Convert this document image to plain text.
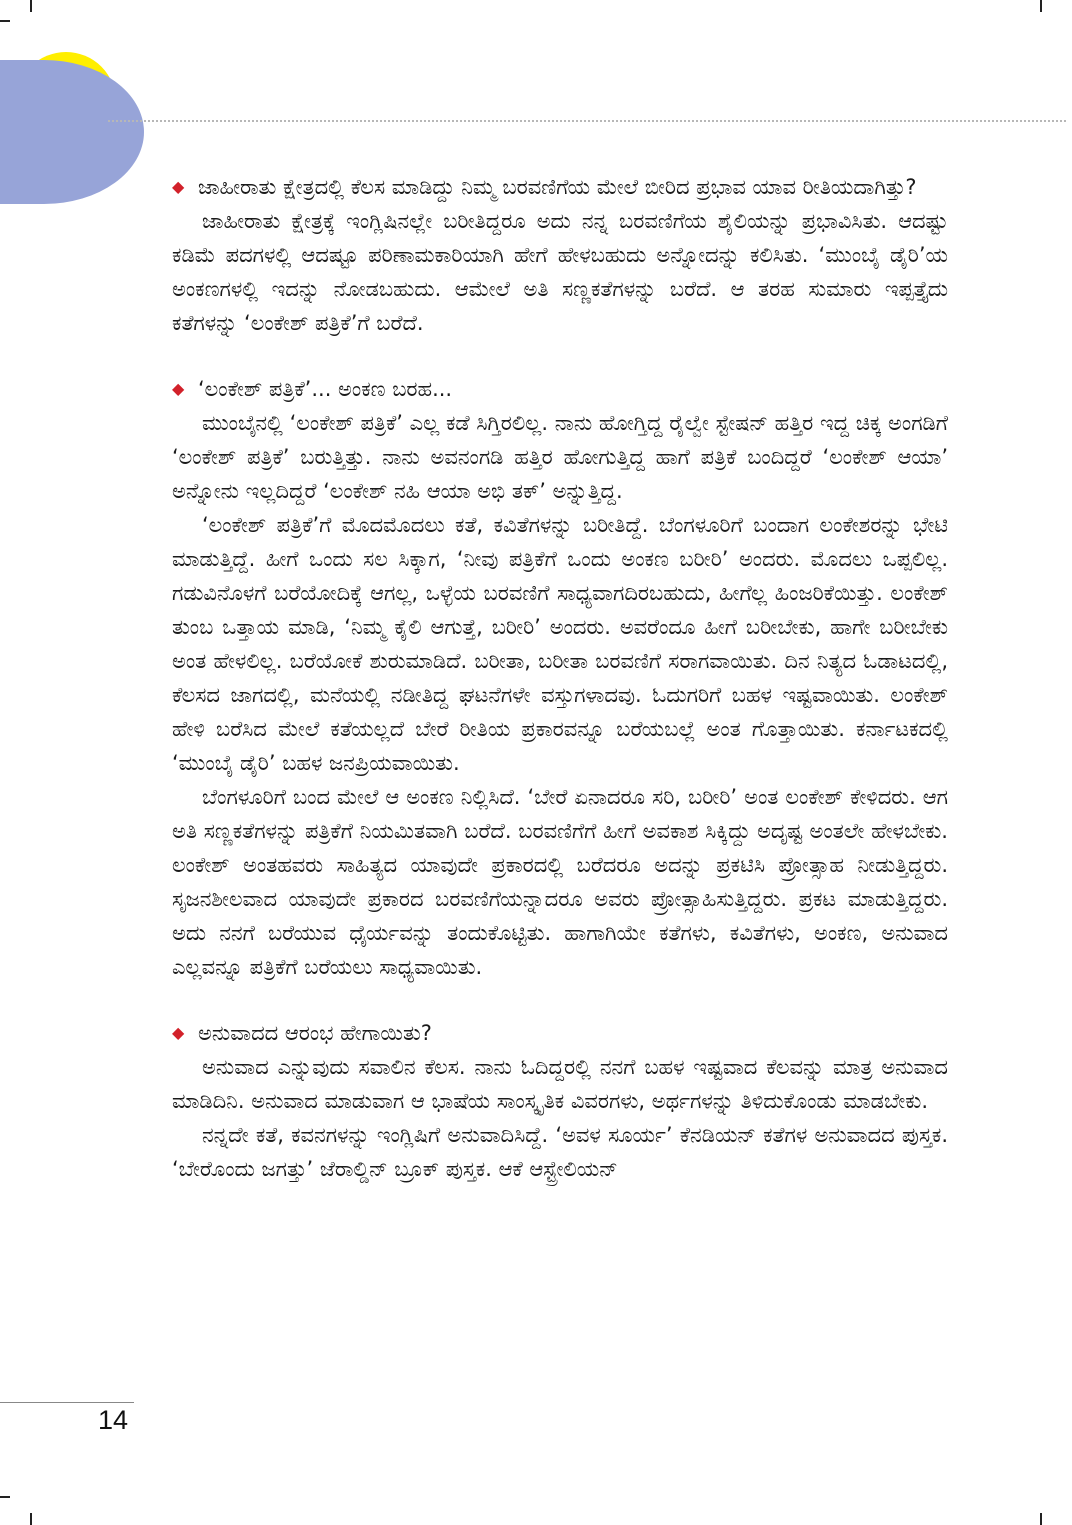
◆ ಜಾಹೀರಾತು ಕ್ಷೇತ್ರದಲ್ಲಿ ಕೆಲಸ ಮಾಡಿದ್ದು ನಿಮ್ಮ ಬರವಣಿಗೆಯ ಮೇಲೆ ಬೀರಿದ ಪ್ರಭಾವ ಯಾವ ರೀತಿಯದಾಗಿತ್ತು?
ಜಾಹೀರಾತು ಕ್ಷೇತ್ರಕ್ಕೆ ಇಂಗ್ಲಿಷಿನಲ್ಲೇ ಬರೀತಿದ್ದರೂ ಅದು ನನ್ನ ಬರವಣಿಗೆಯ ಶೈಲಿಯನ್ನು ಪ್ರಭಾವಿಸಿತು. ಆದಷ್ಟು ಕಡಿಮೆ ಪದಗಳಲ್ಲಿ ಆದಷ್ಟೂ ಪರಿಣಾಮಕಾರಿಯಾಗಿ ಹೇಗೆ ಹೇಳಬಹುದು ಅನ್ನೋದನ್ನು ಕಲಿಸಿತು. ‘ಮುಂಬೈ ಡೈರಿ’ಯ ಅಂಕಣಗಳಲ್ಲಿ ಇದನ್ನು ನೋಡಬಹುದು. ಆಮೇಲೆ ಅತಿ ಸಣ್ಣಕತೆಗಳನ್ನು ಬರೆದೆ. ಆ ತರಹ ಸುಮಾರು ಇಪ್ಪತ್ತೈದು ಕತೆಗಳನ್ನು ‘ಲಂಕೇಶ್ ಪತ್ರಿಕೆ’ಗೆ ಬರೆದೆ.
◆ ‘ಲಂಕೇಶ್ ಪತ್ರಿಕೆ’... ಅಂಕಣ ಬರಹ...
ಮುಂಬೈನಲ್ಲಿ ‘ಲಂಕೇಶ್ ಪತ್ರಿಕೆ’ ಎಲ್ಲ ಕಡೆ ಸಿಗ್ತಿರಲಿಲ್ಲ. ನಾನು ಹೋಗ್ತಿದ್ದ ರೈಲ್ವೇ ಸ್ಟೇಷನ್ ಹತ್ತಿರ ಇದ್ದ ಚಿಕ್ಕ ಅಂಗಡಿಗೆ ‘ಲಂಕೇಶ್ ಪತ್ರಿಕೆ’ ಬರುತ್ತಿತ್ತು. ನಾನು ಅವನಂಗಡಿ ಹತ್ತಿರ ಹೋಗುತ್ತಿದ್ದ ಹಾಗೆ ಪತ್ರಿಕೆ ಬಂದಿದ್ದರೆ ‘ಲಂಕೇಶ್ ಆಯಾ’ ಅನ್ನೋನು ಇಲ್ಲದಿದ್ದರೆ ‘ಲಂಕೇಶ್ ನಹಿ ಆಯಾ ಅಭಿ ತಕ್’ ಅನ್ನುತ್ತಿದ್ದ.
‘ಲಂಕೇಶ್ ಪತ್ರಿಕೆ’ಗೆ ಮೊದಮೊದಲು ಕತೆ, ಕವಿತೆಗಳನ್ನು ಬರೀತಿದ್ದೆ. ಬೆಂಗಳೂರಿಗೆ ಬಂದಾಗ ಲಂಕೇಶರನ್ನು ಭೇಟಿ ಮಾಡುತ್ತಿದ್ದೆ. ಹೀಗೆ ಒಂದು ಸಲ ಸಿಕ್ಕಾಗ, ‘ನೀವು ಪತ್ರಿಕೆಗೆ ಒಂದು ಅಂಕಣ ಬರೀರಿ’ ಅಂದರು. ಮೊದಲು ಒಪ್ಪಲಿಲ್ಲ. ಗಡುವಿನೊಳಗೆ ಬರೆಯೋದಿಕ್ಕೆ ಆಗಲ್ಲ, ಒಳ್ಳೆಯ ಬರವಣಿಗೆ ಸಾಧ್ಯವಾಗದಿರಬಹುದು, ಹೀಗೆಲ್ಲ ಹಿಂಜರಿಕೆಯಿತ್ತು. ಲಂಕೇಶ್ ತುಂಬ ಒತ್ತಾಯ ಮಾಡಿ, ‘ನಿಮ್ಮ ಕೈಲಿ ಆಗುತ್ತೆ, ಬರೀರಿ’ ಅಂದರು. ಅವರೆಂದೂ ಹೀಗೆ ಬರೀಬೇಕು, ಹಾಗೇ ಬರೀಬೇಕು ಅಂತ ಹೇಳಲಿಲ್ಲ. ಬರೆಯೋಕೆ ಶುರುಮಾಡಿದೆ. ಬರೀತಾ, ಬರೀತಾ ಬರವಣಿಗೆ ಸರಾಗವಾಯಿತು. ದಿನ ನಿತ್ಯದ ಓಡಾಟದಲ್ಲಿ, ಕೆಲಸದ ಜಾಗದಲ್ಲಿ, ಮನೆಯಲ್ಲಿ ನಡೀತಿದ್ದ ಘಟನೆಗಳೇ ವಸ್ತುಗಳಾದವು. ಓದುಗರಿಗೆ ಬಹಳ ಇಷ್ಟವಾಯಿತು. ಲಂಕೇಶ್ ಹೇಳಿ ಬರೆಸಿದ ಮೇಲೆ ಕತೆಯಲ್ಲದೆ ಬೇರೆ ರೀತಿಯ ಪ್ರಕಾರವನ್ನೂ ಬರೆಯಬಲ್ಲೆ ಅಂತ ಗೊತ್ತಾಯಿತು. ಕರ್ನಾಟಕದಲ್ಲಿ ‘ಮುಂಬೈ ಡೈರಿ’ ಬಹಳ ಜನಪ್ರಿಯವಾಯಿತು.
ಬೆಂಗಳೂರಿಗೆ ಬಂದ ಮೇಲೆ ಆ ಅಂಕಣ ನಿಲ್ಲಿಸಿದೆ. ‘ಬೇರೆ ಏನಾದರೂ ಸರಿ, ಬರೀರಿ’ ಅಂತ ಲಂಕೇಶ್ ಕೇಳಿದರು. ಆಗ ಅತಿ ಸಣ್ಣಕತೆಗಳನ್ನು ಪತ್ರಿಕೆಗೆ ನಿಯಮಿತವಾಗಿ ಬರೆದೆ. ಬರವಣಿಗೆಗೆ ಹೀಗೆ ಅವಕಾಶ ಸಿಕ್ಕಿದ್ದು ಅದೃಷ್ಟ ಅಂತಲೇ ಹೇಳಬೇಕು. ಲಂಕೇಶ್ ಅಂತಹವರು ಸಾಹಿತ್ಯದ ಯಾವುದೇ ಪ್ರಕಾರದಲ್ಲಿ ಬರೆದರೂ ಅದನ್ನು ಪ್ರಕಟಿಸಿ ಪ್ರೋತ್ಸಾಹ ನೀಡುತ್ತಿದ್ದರು. ಸೃಜನಶೀಲವಾದ ಯಾವುದೇ ಪ್ರಕಾರದ ಬರವಣಿಗೆಯನ್ನಾದರೂ ಅವರು ಪ್ರೋತ್ಸಾಹಿಸುತ್ತಿದ್ದರು. ಪ್ರಕಟ ಮಾಡುತ್ತಿದ್ದರು. ಅದು ನನಗೆ ಬರೆಯುವ ಧೈರ್ಯವನ್ನು ತಂದುಕೊಟ್ಟಿತು. ಹಾಗಾಗಿಯೇ ಕತೆಗಳು, ಕವಿತೆಗಳು, ಅಂಕಣ, ಅನುವಾದ ಎಲ್ಲವನ್ನೂ ಪತ್ರಿಕೆಗೆ ಬರೆಯಲು ಸಾಧ್ಯವಾಯಿತು.
◆ ಅನುವಾದದ ಆರಂಭ ಹೇಗಾಯಿತು?
ಅನುವಾದ ಎನ್ನುವುದು ಸವಾಲಿನ ಕೆಲಸ. ನಾನು ಓದಿದ್ದರಲ್ಲಿ ನನಗೆ ಬಹಳ ಇಷ್ಟವಾದ ಕೆಲವನ್ನು ಮಾತ್ರ ಅನುವಾದ ಮಾಡಿದಿನಿ. ಅನುವಾದ ಮಾಡುವಾಗ ಆ ಭಾಷೆಯ ಸಾಂಸ್ಕೃತಿಕ ವಿವರಗಳು, ಅರ್ಥಗಳನ್ನು ತಿಳಿದುಕೊಂಡು ಮಾಡಬೇಕು.
ನನ್ನದೇ ಕತೆ, ಕವನಗಳನ್ನು ಇಂಗ್ಲಿಷಿಗೆ ಅನುವಾದಿಸಿದ್ದೆ. ‘ಅವಳ ಸೂರ್ಯ’ ಕೆನಡಿಯನ್ ಕತೆಗಳ ಅನುವಾದದ ಪುಸ್ತಕ. ‘ಬೇರೊಂದು ಜಗತ್ತು’ ಜೆರಾಲ್ಡಿನ್ ಬ್ರೂಕ್ ಪುಸ್ತಕ. ಆಕೆ ಆಸ್ಟ್ರೇಲಿಯನ್
14
